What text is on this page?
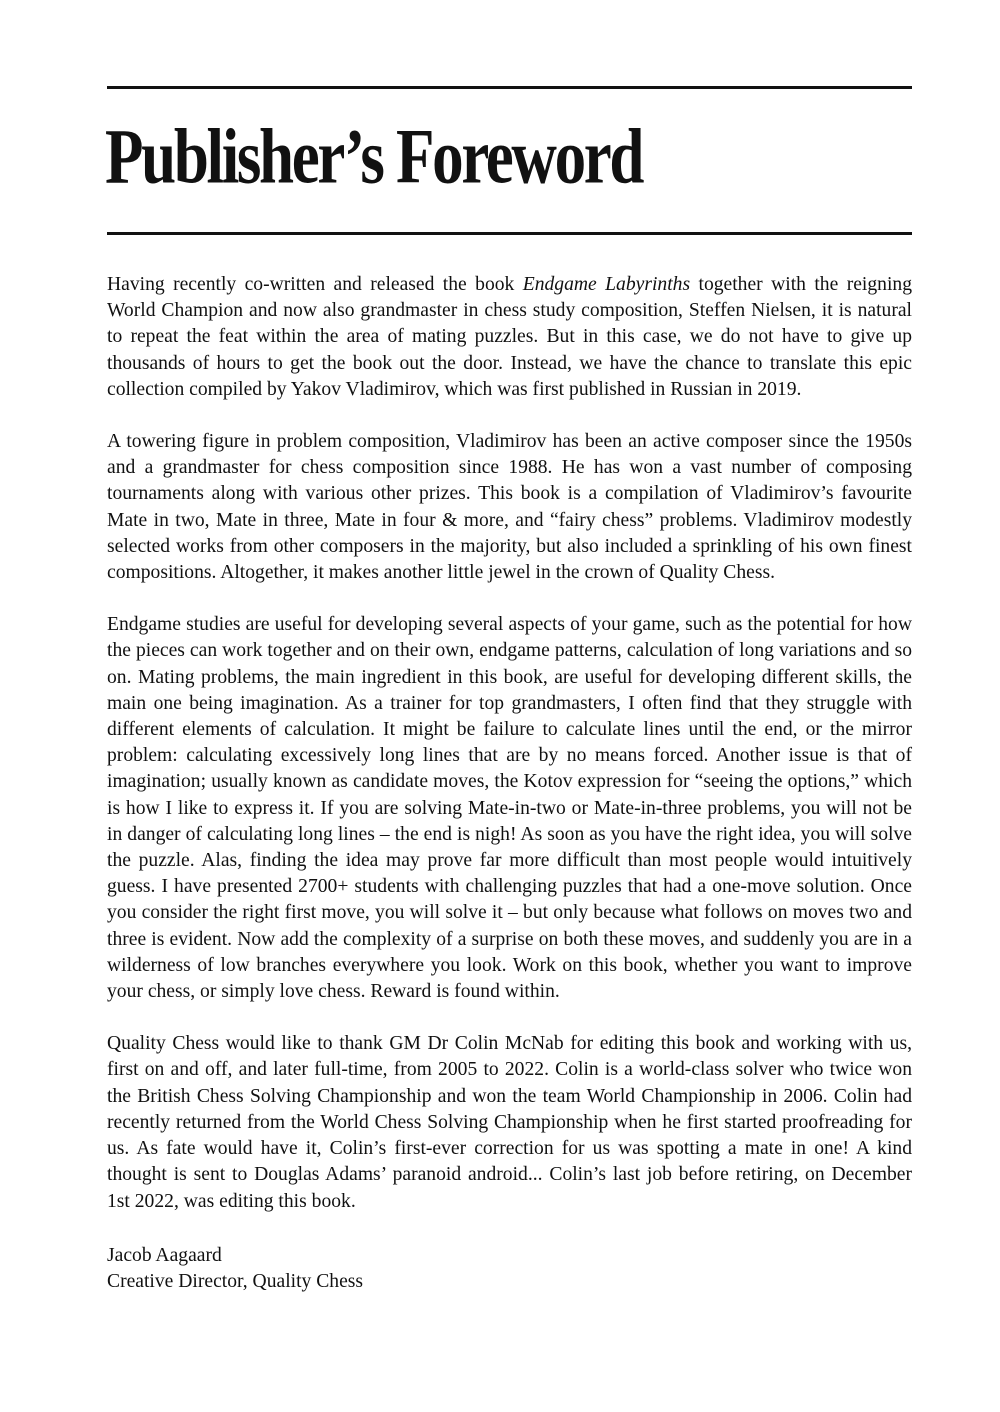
Publisher’s Foreword

Having recently co-written and released the book Endgame Labyrinths together with the reigning World Champion and now also grandmaster in chess study composition, Steffen Nielsen, it is natural to repeat the feat within the area of mating puzzles. But in this case, we do not have to give up thousands of hours to get the book out the door. Instead, we have the chance to translate this epic collection compiled by Yakov Vladimirov, which was first published in Russian in 2019.

A towering figure in problem composition, Vladimirov has been an active composer since the 1950s and a grandmaster for chess composition since 1988. He has won a vast number of composing tournaments along with various other prizes. This book is a compilation of Vladimirov’s favourite Mate in two, Mate in three, Mate in four & more, and “fairy chess” problems. Vladimirov modestly selected works from other composers in the majority, but also included a sprinkling of his own finest compositions. Altogether, it makes another little jewel in the crown of Quality Chess.

Endgame studies are useful for developing several aspects of your game, such as the potential for how the pieces can work together and on their own, endgame patterns, calculation of long variations and so on. Mating problems, the main ingredient in this book, are useful for developing different skills, the main one being imagination. As a trainer for top grandmasters, I often find that they struggle with different elements of calculation. It might be failure to calculate lines until the end, or the mirror problem: calculating excessively long lines that are by no means forced. Another issue is that of imagination; usually known as candidate moves, the Kotov expression for “seeing the options,” which is how I like to express it. If you are solving Mate-in-two or Mate-in-three problems, you will not be in danger of calculating long lines – the end is nigh! As soon as you have the right idea, you will solve the puzzle. Alas, finding the idea may prove far more difficult than most people would intuitively guess. I have presented 2700+ students with challenging puzzles that had a one-move solution. Once you consider the right first move, you will solve it – but only because what follows on moves two and three is evident. Now add the complexity of a surprise on both these moves, and suddenly you are in a wilderness of low branches everywhere you look. Work on this book, whether you want to improve your chess, or simply love chess. Reward is found within.

Quality Chess would like to thank GM Dr Colin McNab for editing this book and working with us, first on and off, and later full-time, from 2005 to 2022. Colin is a world-class solver who twice won the British Chess Solving Championship and won the team World Championship in 2006. Colin had recently returned from the World Chess Solving Championship when he first started proofreading for us. As fate would have it, Colin’s first-ever correction for us was spotting a mate in one! A kind thought is sent to Douglas Adams’ paranoid android... Colin’s last job before retiring, on December 1st 2022, was editing this book.

Jacob Aagaard
Creative Director, Quality Chess
